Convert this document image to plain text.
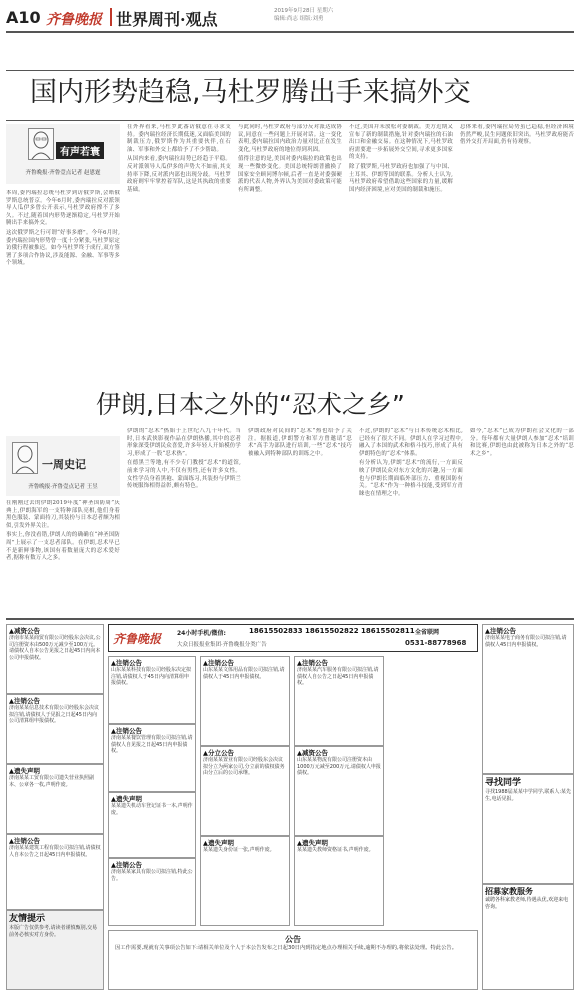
A10 齐鲁晚报 世界周刊·观点	2019年9月28日 星期六
编辑:尚志 组版:刘勇
国内形势趋稳,马杜罗腾出手来搞外交
有声若寰
齐鲁晚报·齐鲁壹点记者 赵恩霆

本周,委内瑞拉总统马杜罗到访俄罗斯,会晤俄罗斯总统普京。今年6月时,委内瑞拉反对派领导人瓜伊多曾公开表示,马杜罗政府撑不了多久。不过,随着国内形势逐渐稳定,马杜罗开始腾出手来搞外交。

这次俄罗斯之行可谓“好事多磨”。今年6月时,委内瑞拉国内形势曾一度十分紧张,马杜罗原定访俄行程被推迟。如今马杜罗终于成行,双方签署了多项合作协议,涉及能源、金融、军事等多个领域。

在外界看来,马杜罗此番访俄意在寻求支持。委内瑞拉经济长期低迷,又面临美国的制裁压力,俄罗斯作为其重要伙伴,在石油、军事和外交上都给予了不少帮助。

从国内来看,委内瑞拉局势已经趋于平稳。反对派领导人瓜伊多的声势大不如前,其支持率下降,反对派内部也出现分歧。马杜罗政府则牢牢掌控着军队,这是其执政的重要基础。

与此同时,马杜罗政府与部分反对派达成协议,同意在一些问题上开展对话。这一变化表明,委内瑞拉国内政治力量对比正在发生变化,马杜罗政府的地位得到巩固。

值得注意的是,美国对委内瑞拉的政策也出现一些微妙变化。美国总统特朗普撤换了国家安全顾问博尔顿,后者一直是对委强硬派的代表人物,外界认为美国对委政策可能有所调整。

不过,美国并未放松对委制裁。美方近期又宣布了新的制裁措施,针对委内瑞拉的石油出口和金融交易。在这种情况下,马杜罗政府需要进一步拓展外交空间,寻求更多国家的支持。

除了俄罗斯,马杜罗政府也加强了与中国、土耳其、伊朗等国的联系。分析人士认为,马杜罗政府希望借助这些国家的力量,缓解国内经济困境,应对美国的制裁和施压。

总体来看,委内瑞拉局势虽已趋稳,但经济困境仍然严峻,民生问题依旧突出。马杜罗政府能否借外交打开局面,仍有待观察。

伊朗,日本之外的“忍术之乡”
一周史记
齐鲁晚报·齐鲁壹点记者 王昱

在刚刚过去的伊朗2019年度“神圣国防周”庆典上,伊朗海军的一支特种部队亮相,他们身着黑色服装、蒙面持刀,其装扮与日本忍者颇为相似,引发外界关注。

事实上,你没看错,伊朗人的的确确在“神圣国防周”上展示了一支忍者部队。在伊朗,忍术早已不是新鲜事物,该国有着数量庞大的忍术爱好者,据称有数万人之多。

伊朗的“忍术”热始于上世纪八九十年代。当时,日本武侠影视作品在伊朗热播,其中的忍者形象深受伊朗民众喜爱,许多年轻人开始模仿学习,形成了一股“忍术热”。

在德黑兰等地,有不少专门教授“忍术”的道馆,前来学习的人中,不仅有男性,还有许多女性。女性学员身着黑袍、蒙面练习,其装扮与伊斯兰传统服饰相得益彰,颇有特色。

伊朗政府对民间的“忍术”热也给予了关注。据报道,伊朗警方和军方曾邀请“忍术”高手为部队进行培训,一些“忍术”技巧被融入到特种部队的训练之中。

不过,伊朗的“忍术”与日本传统忍术相比,已经有了很大不同。伊朗人在学习过程中,融入了本国的武术和格斗技巧,形成了具有伊朗特色的“忍术”体系。

有分析认为,伊朗“忍术”的流行,一方面反映了伊朗民众对东方文化的兴趣,另一方面也与伊朗长期面临外部压力、重视国防有关。“忍术”作为一种格斗技能,受到军方青睐也在情理之中。

如今,“忍术”已成为伊朗社会文化的一部分。每年都有大量伊朗人参加“忍术”培训和比赛,伊朗也由此被称为日本之外的“忍术之乡”。

齐鲁晚报	24小时手机/微信:	18615502833 18615502822 18615502811
大众日报报业集团·齐鲁晚报分类广告
全省联网
0531-88778968
▲减资公告
济南市某某商贸有限公司经股东会决议,公司注册资本由500万元减少至100万元。请债权人自本公告见报之日起45日内向本公司申报债权。
▲注销公告
济南某某信息技术有限公司经股东会决议拟注销,请债权人于见报之日起45日内向公司清算组申报债权。
▲遗失声明
济南某某工贸有限公司遗失营业执照副本、公章各一枚,声明作废。
▲注销公告
济南某某建筑工程有限公司拟注销,请债权人自本公告之日起45日内申报债权。
友情提示
本版广告仅供参考,请读者谨慎甄别,交易前务必核实对方身份。
▲注销公告
山东某某科技有限公司经股东决定拟注销,请债权人于45日内向清算组申报债权。
▲注销公告
济南某某餐饮管理有限公司拟注销,请债权人自见报之日起45日内申报债权。
▲遗失声明
某某遗失机动车登记证书一本,声明作废。
▲注销公告
济南某某家具有限公司拟注销,特此公告。
▲注销公告
山东某某文体用品有限公司拟注销,请债权人于45日内申报债权。
▲分立公告
济南某某置业有限公司经股东会决议拟分立为两家公司,分立前的债权债务由分立后的公司承继。
▲遗失声明
某某遗失身份证一张,声明作废。
▲注销公告
济南某某汽车服务有限公司拟注销,请债权人自公告之日起45日内申报债权。
▲减资公告
山东某某物流有限公司注册资本由1000万元减至200万元,请债权人申报债权。
▲遗失声明
某某遗失教师资格证书,声明作废。
▲注销公告
济南某某电子商务有限公司拟注销,请债权人45日内申报债权。
寻找同学
寻找1988届某某中学同学,联系人:某先生,电话见报。
招募家教服务
诚聘各科家教老师,待遇从优,欢迎来电咨询。
公告
因工作需要,现就有关事项公告如下:请相关单位及个人于本公告发布之日起30日内到指定地点办理相关手续,逾期不办理的,将依法处理。特此公告。
